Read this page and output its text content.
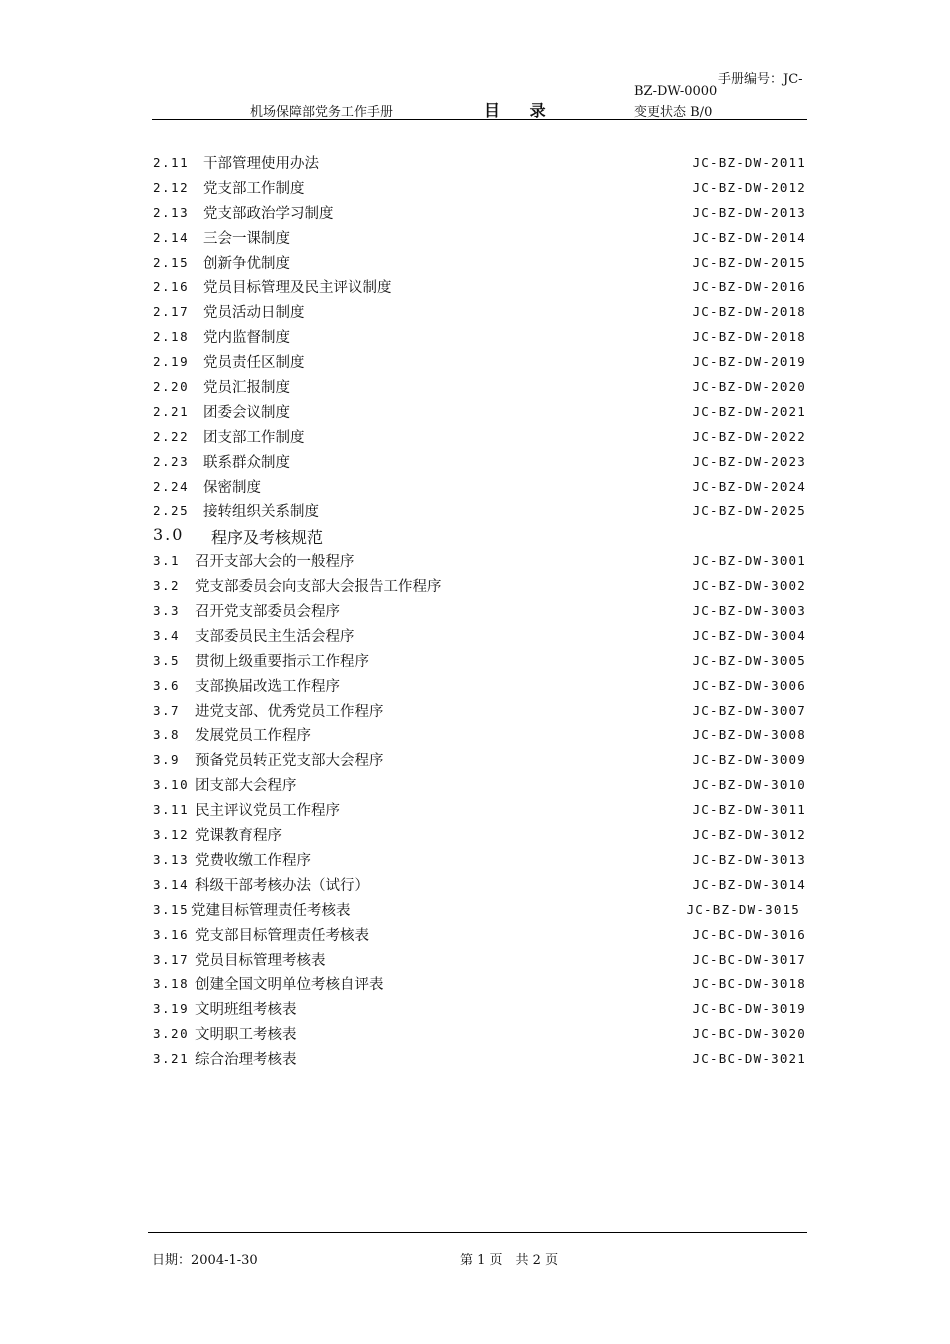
手册编号：JC-
BZ-DW-0000
机场保障部党务工作手册	目 录	变更状态 B/0
2.11 干部管理使用办法	JC-BZ-DW-2011
2.12 党支部工作制度	JC-BZ-DW-2012
2.13 党支部政治学习制度	JC-BZ-DW-2013
2.14 三会一课制度	JC-BZ-DW-2014
2.15 创新争优制度	JC-BZ-DW-2015
2.16 党员目标管理及民主评议制度	JC-BZ-DW-2016
2.17 党员活动日制度	JC-BZ-DW-2018
2.18 党内监督制度	JC-BZ-DW-2018
2.19 党员责任区制度	JC-BZ-DW-2019
2.20 党员汇报制度	JC-BZ-DW-2020
2.21 团委会议制度	JC-BZ-DW-2021
2.22 团支部工作制度	JC-BZ-DW-2022
2.23 联系群众制度	JC-BZ-DW-2023
2.24 保密制度	JC-BZ-DW-2024
2.25 接转组织关系制度	JC-BZ-DW-2025
3.0 程序及考核规范
3.1 召开支部大会的一般程序	JC-BZ-DW-3001
3.2 党支部委员会向支部大会报告工作程序	JC-BZ-DW-3002
3.3 召开党支部委员会程序	JC-BZ-DW-3003
3.4 支部委员民主生活会程序	JC-BZ-DW-3004
3.5 贯彻上级重要指示工作程序	JC-BZ-DW-3005
3.6 支部换届改选工作程序	JC-BZ-DW-3006
3.7 进党支部、优秀党员工作程序	JC-BZ-DW-3007
3.8 发展党员工作程序	JC-BZ-DW-3008
3.9 预备党员转正党支部大会程序	JC-BZ-DW-3009
3.10 团支部大会程序	JC-BZ-DW-3010
3.11 民主评议党员工作程序	JC-BZ-DW-3011
3.12 党课教育程序	JC-BZ-DW-3012
3.13 党费收缴工作程序	JC-BZ-DW-3013
3.14 科级干部考核办法（试行）	JC-BZ-DW-3014
3.15 党建目标管理责任考核表	JC-BZ-DW-3015
3.16 党支部目标管理责任考核表	JC-BC-DW-3016
3.17 党员目标管理考核表	JC-BC-DW-3017
3.18 创建全国文明单位考核自评表	JC-BC-DW-3018
3.19 文明班组考核表	JC-BC-DW-3019
3.20 文明职工考核表	JC-BC-DW-3020
3.21 综合治理考核表	JC-BC-DW-3021
日期：2004-1-30	第 1 页　共 2 页
